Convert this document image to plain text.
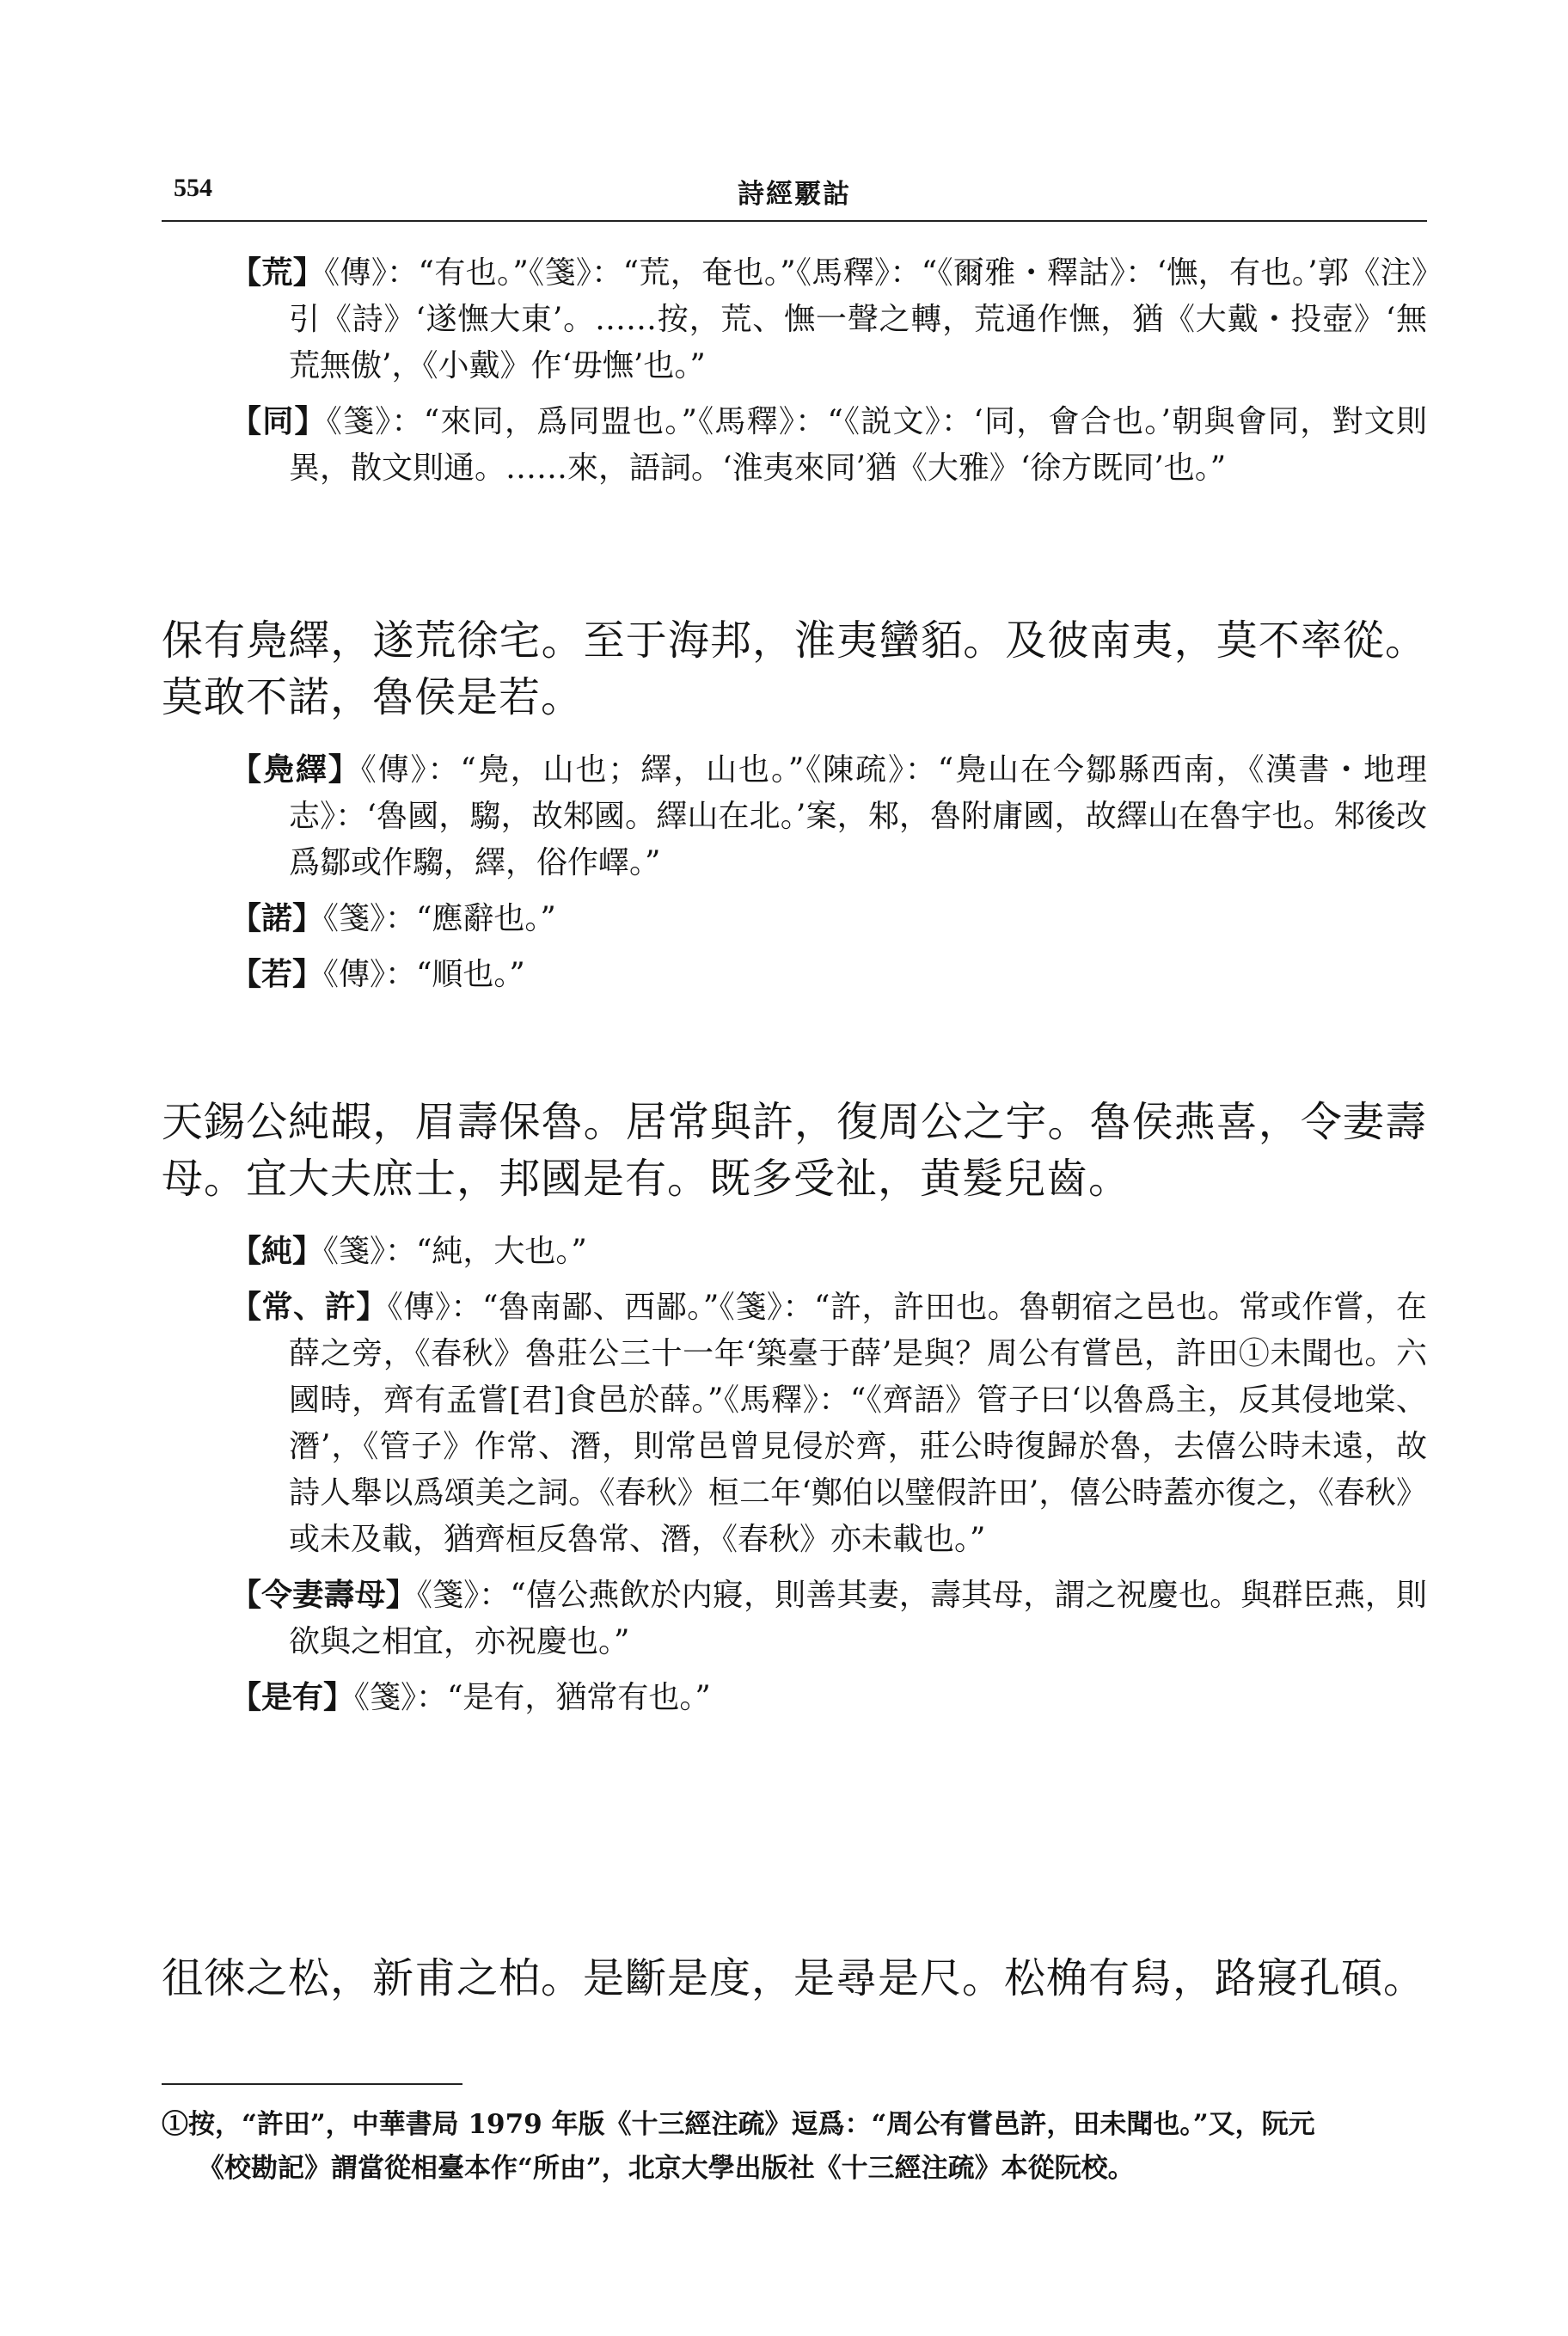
554	詩經覈詁

【荒】《傳》：“有也。”《箋》：“荒，奄也。”《馬釋》：“《爾雅・釋詁》：‘憮，有也。’郭《注》引《詩》‘遂憮大東’。……按，荒、憮一聲之轉，荒通作憮，猶《大戴・投壺》‘無荒無傲’，《小戴》作‘毋憮’也。”

【同】《箋》：“來同，爲同盟也。”《馬釋》：“《説文》：‘同，會合也。’朝與會同，對文則異，散文則通。……來，語詞。‘淮夷來同’猶《大雅》‘徐方既同’也。”

保有鳧繹，遂荒徐宅。至于海邦，淮夷蠻貊。及彼南夷，莫不率從。莫敢不諾，魯侯是若。

【鳧繹】《傳》：“鳧，山也；繹，山也。”《陳疏》：“鳧山在今鄒縣西南，《漢書・地理志》：‘魯國，騶，故邾國。繹山在北。’案，邾，魯附庸國，故繹山在魯宇也。邾後改爲鄒或作騶，繹，俗作嶧。”

【諾】《箋》：“應辭也。”

【若】《傳》：“順也。”

天錫公純嘏，眉壽保魯。居常與許，復周公之宇。魯侯燕喜，令妻壽母。宜大夫庶士，邦國是有。既多受祉，黄髮兒齒。

【純】《箋》：“純，大也。”

【常、許】《傳》：“魯南鄙、西鄙。”《箋》：“許，許田也。魯朝宿之邑也。常或作嘗，在薛之旁，《春秋》魯莊公三十一年‘築臺于薛’是與？周公有嘗邑，許田①未聞也。六國時，齊有孟嘗[君]食邑於薛。”《馬釋》：“《齊語》管子曰‘以魯爲主，反其侵地棠、潛’，《管子》作常、潛，則常邑曾見侵於齊，莊公時復歸於魯，去僖公時未遠，故詩人舉以爲頌美之詞。《春秋》桓二年‘鄭伯以璧假許田’，僖公時蓋亦復之，《春秋》或未及載，猶齊桓反魯常、潛，《春秋》亦未載也。”

【令妻壽母】《箋》：“僖公燕飲於内寢，則善其妻，壽其母，謂之祝慶也。與群臣燕，則欲與之相宜，亦祝慶也。”

【是有】《箋》：“是有，猶常有也。”

徂徠之松，新甫之柏。是斷是度，是尋是尺。松桷有舄，路寢孔碩。

①按，“許田”，中華書局 1979 年版《十三經注疏》逗爲：“周公有嘗邑許，田未聞也。”又，阮元

《校勘記》謂當從相臺本作“所由”，北京大學出版社《十三經注疏》本從阮校。
